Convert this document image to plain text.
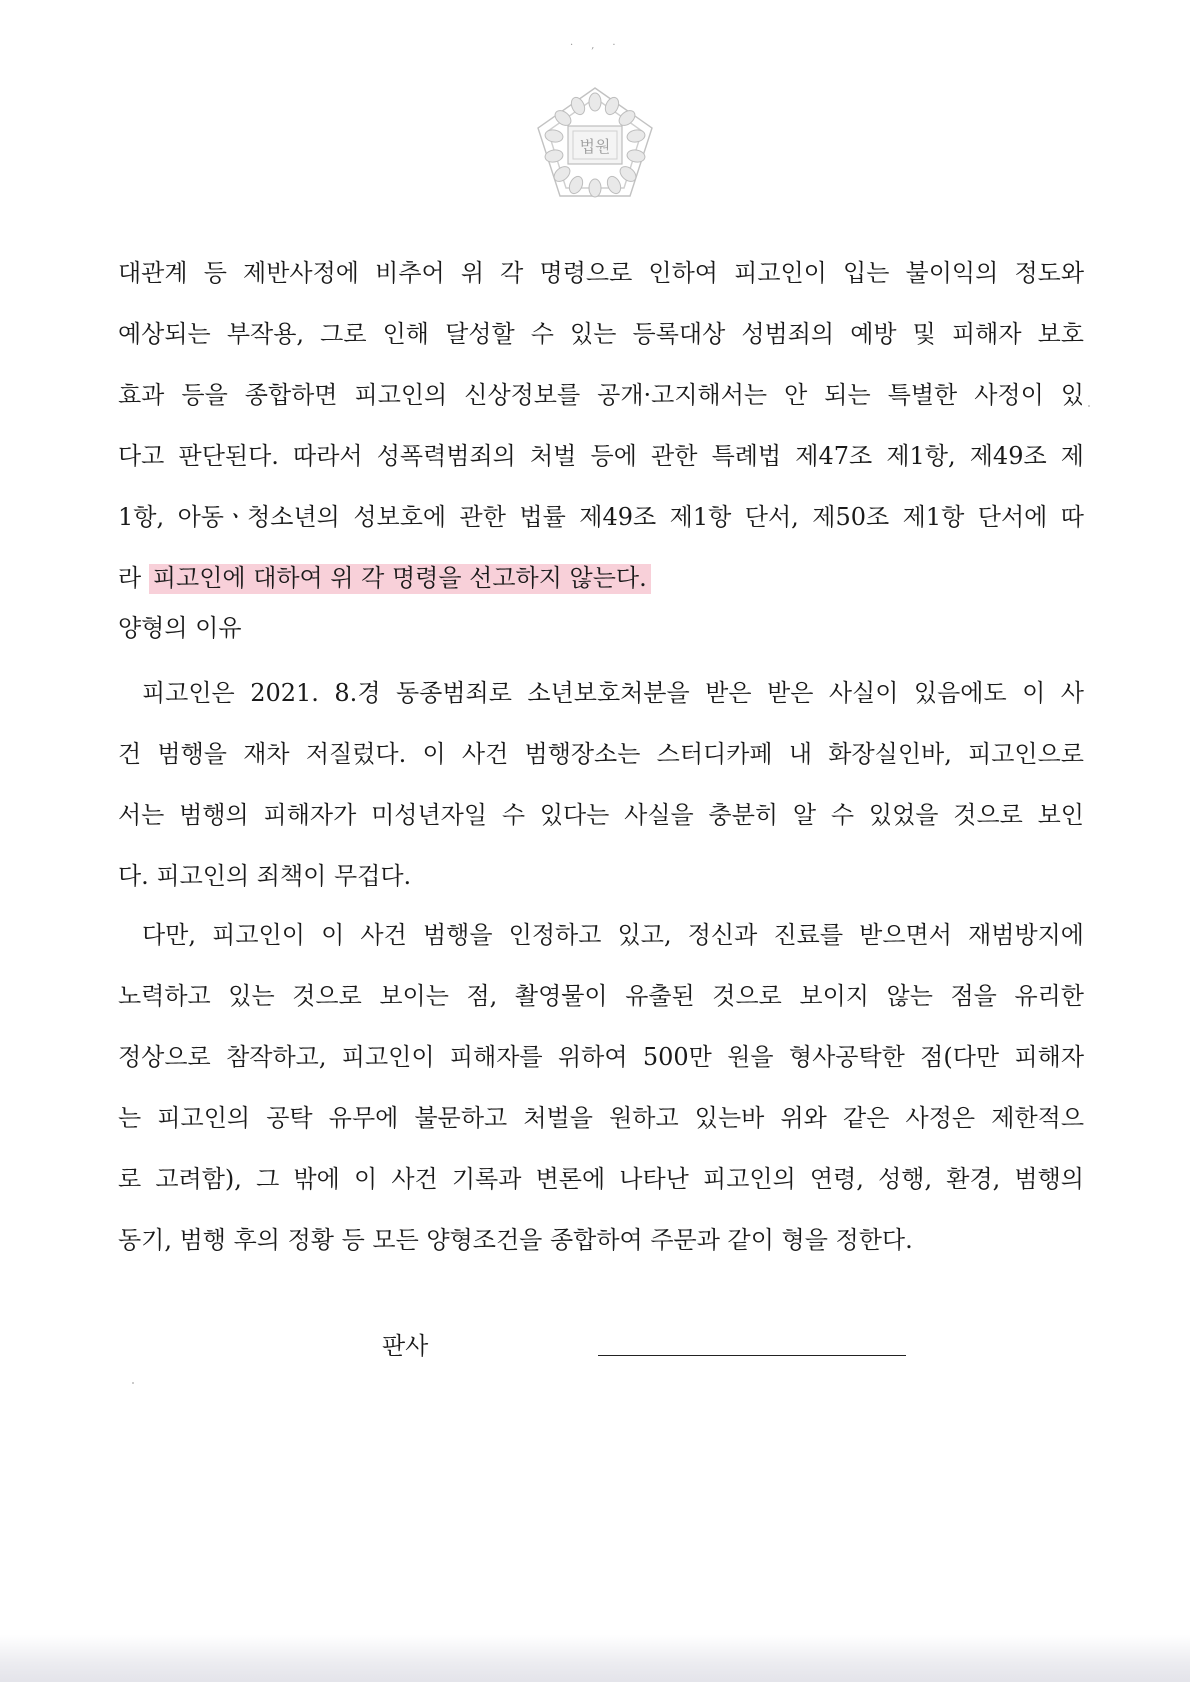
·‚·
법원
대관계 등 제반사정에 비추어 위 각 명령으로 인하여 피고인이 입는 불이익의 정도와
예상되는 부작용, 그로 인해 달성할 수 있는 등록대상 성범죄의 예방 및 피해자 보호
효과 등을 종합하면 피고인의 신상정보를 공개·고지해서는 안 되는 특별한 사정이 있
다고 판단된다. 따라서 성폭력범죄의 처벌 등에 관한 특례법 제47조 제1항, 제49조 제
1항, 아동ㆍ청소년의 성보호에 관한 법률 제49조 제1항 단서, 제50조 제1항 단서에 따
라 피고인에 대하여 위 각 명령을 선고하지 않는다.
양형의 이유
피고인은 2021. 8.경 동종범죄로 소년보호처분을 받은 받은 사실이 있음에도 이 사
건 범행을 재차 저질렀다. 이 사건 범행장소는 스터디카페 내 화장실인바, 피고인으로
서는 범행의 피해자가 미성년자일 수 있다는 사실을 충분히 알 수 있었을 것으로 보인
다. 피고인의 죄책이 무겁다.
다만, 피고인이 이 사건 범행을 인정하고 있고, 정신과 진료를 받으면서 재범방지에
노력하고 있는 것으로 보이는 점, 촬영물이 유출된 것으로 보이지 않는 점을 유리한
정상으로 참작하고, 피고인이 피해자를 위하여 500만 원을 형사공탁한 점(다만 피해자
는 피고인의 공탁 유무에 불문하고 처벌을 원하고 있는바 위와 같은 사정은 제한적으
로 고려함), 그 밖에 이 사건 기록과 변론에 나타난 피고인의 연령, 성행, 환경, 범행의
동기, 범행 후의 정황 등 모든 양형조건을 종합하여 주문과 같이 형을 정한다.
판사
